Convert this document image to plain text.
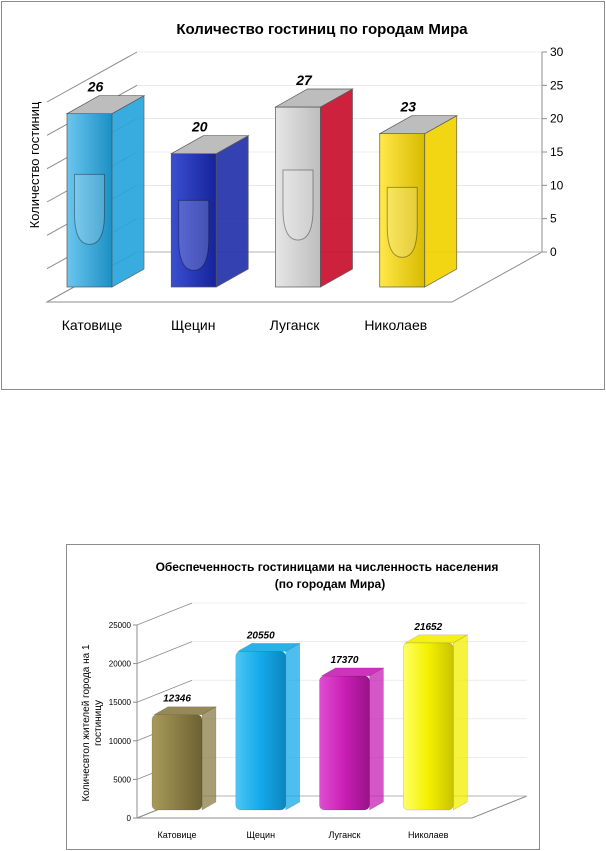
Количество гостиниц по городам Мира
Количество гостиниц
0
5
10
15
20
25
30
26
20
27
23
Катовице	Щецин	Луганск	Николаев
Обеспеченность гостиницами на численность населения
(по городам Мира)
Количесвтол жителей города на 1 гостиницу
0
5000
10000
15000
20000
25000
12346
20550
17370
21652
Катовице	Щецин	Луганск	Николаев
